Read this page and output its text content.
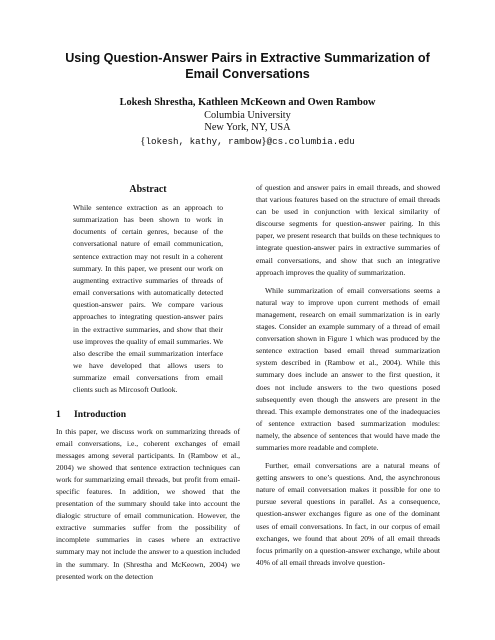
Using Question-Answer Pairs in Extractive Summarization of Email Conversations
Lokesh Shrestha, Kathleen McKeown and Owen Rambow
Columbia University
New York, NY, USA
{lokesh, kathy, rambow}@cs.columbia.edu
Abstract

While sentence extraction as an approach to summarization has been shown to work in documents of certain genres, because of the conversational nature of email communication, sentence extraction may not result in a coherent summary. In this paper, we present our work on augmenting extractive summaries of threads of email conversations with automatically detected question-answer pairs. We compare various approaches to integrating question-answer pairs in the extractive summaries, and show that their use improves the quality of email summaries. We also describe the email summarization interface we have developed that allows users to summarize email conversations from email clients such as Mircosoft Outlook.

1 Introduction

In this paper, we discuss work on summarizing threads of email conversations, i.e., coherent exchanges of email messages among several participants. In (Rambow et al., 2004) we showed that sentence extraction techniques can work for summarizing email threads, but profit from email-specific features. In addition, we showed that the presentation of the summary should take into account the dialogic structure of email communication. However, the extractive summaries suffer from the possibility of incomplete summaries in cases where an extractive summary may not include the answer to a question included in the summary. In (Shrestha and McKeown, 2004) we presented work on the detection

of question and answer pairs in email threads, and showed that various features based on the structure of email threads can be used in conjunction with lexical similarity of discourse segments for question-answer pairing. In this paper, we present research that builds on these techniques to integrate question-answer pairs in extractive summaries of email conversations, and show that such an integrative approach improves the quality of summarization.

While summarization of email conversations seems a natural way to improve upon current methods of email management, research on email summarization is in early stages. Consider an example summary of a thread of email conversation shown in Figure 1 which was produced by the sentence extraction based email thread summarization system described in (Rambow et al., 2004). While this summary does include an answer to the first question, it does not include answers to the two questions posed subsequently even though the answers are present in the thread. This example demonstrates one of the inadequacies of sentence extraction based summarization modules: namely, the absence of sentences that would have made the summaries more readable and complete.

Further, email conversations are a natural means of getting answers to one’s questions. And, the asynchronous nature of email conversation makes it possible for one to pursue several questions in parallel. As a consequence, question-answer exchanges figure as one of the dominant uses of email conversations. In fact, in our corpus of email exchanges, we found that about 20% of all email threads focus primarily on a question-answer exchange, while about 40% of all email threads involve question-
